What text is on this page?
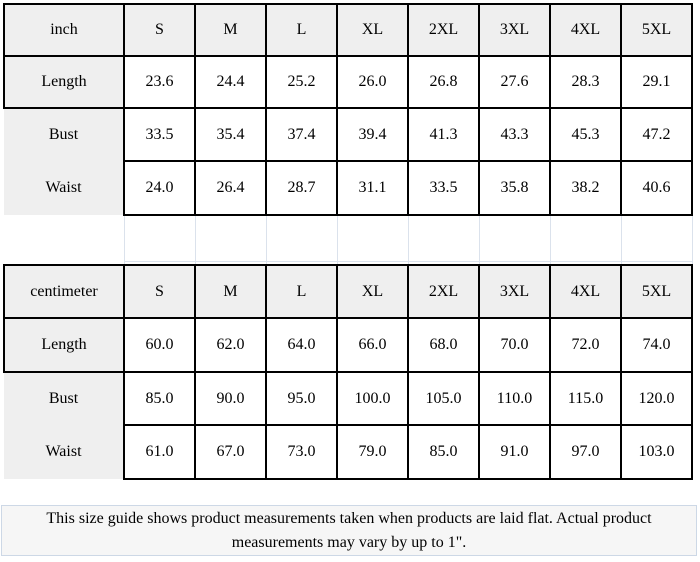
inch	S	M	L	XL	2XL	3XL	4XL	5XL
Length	23.6	24.4	25.2	26.0	26.8	27.6	28.3	29.1
Bust	33.5	35.4	37.4	39.4	41.3	43.3	45.3	47.2
Waist	24.0	26.4	28.7	31.1	33.5	35.8	38.2	40.6

centimeter	S	M	L	XL	2XL	3XL	4XL	5XL
Length	60.0	62.0	64.0	66.0	68.0	70.0	72.0	74.0
Bust	85.0	90.0	95.0	100.0	105.0	110.0	115.0	120.0
Waist	61.0	67.0	73.0	79.0	85.0	91.0	97.0	103.0
This size guide shows product measurements taken when products are laid flat. Actual product measurements may vary by up to 1".
